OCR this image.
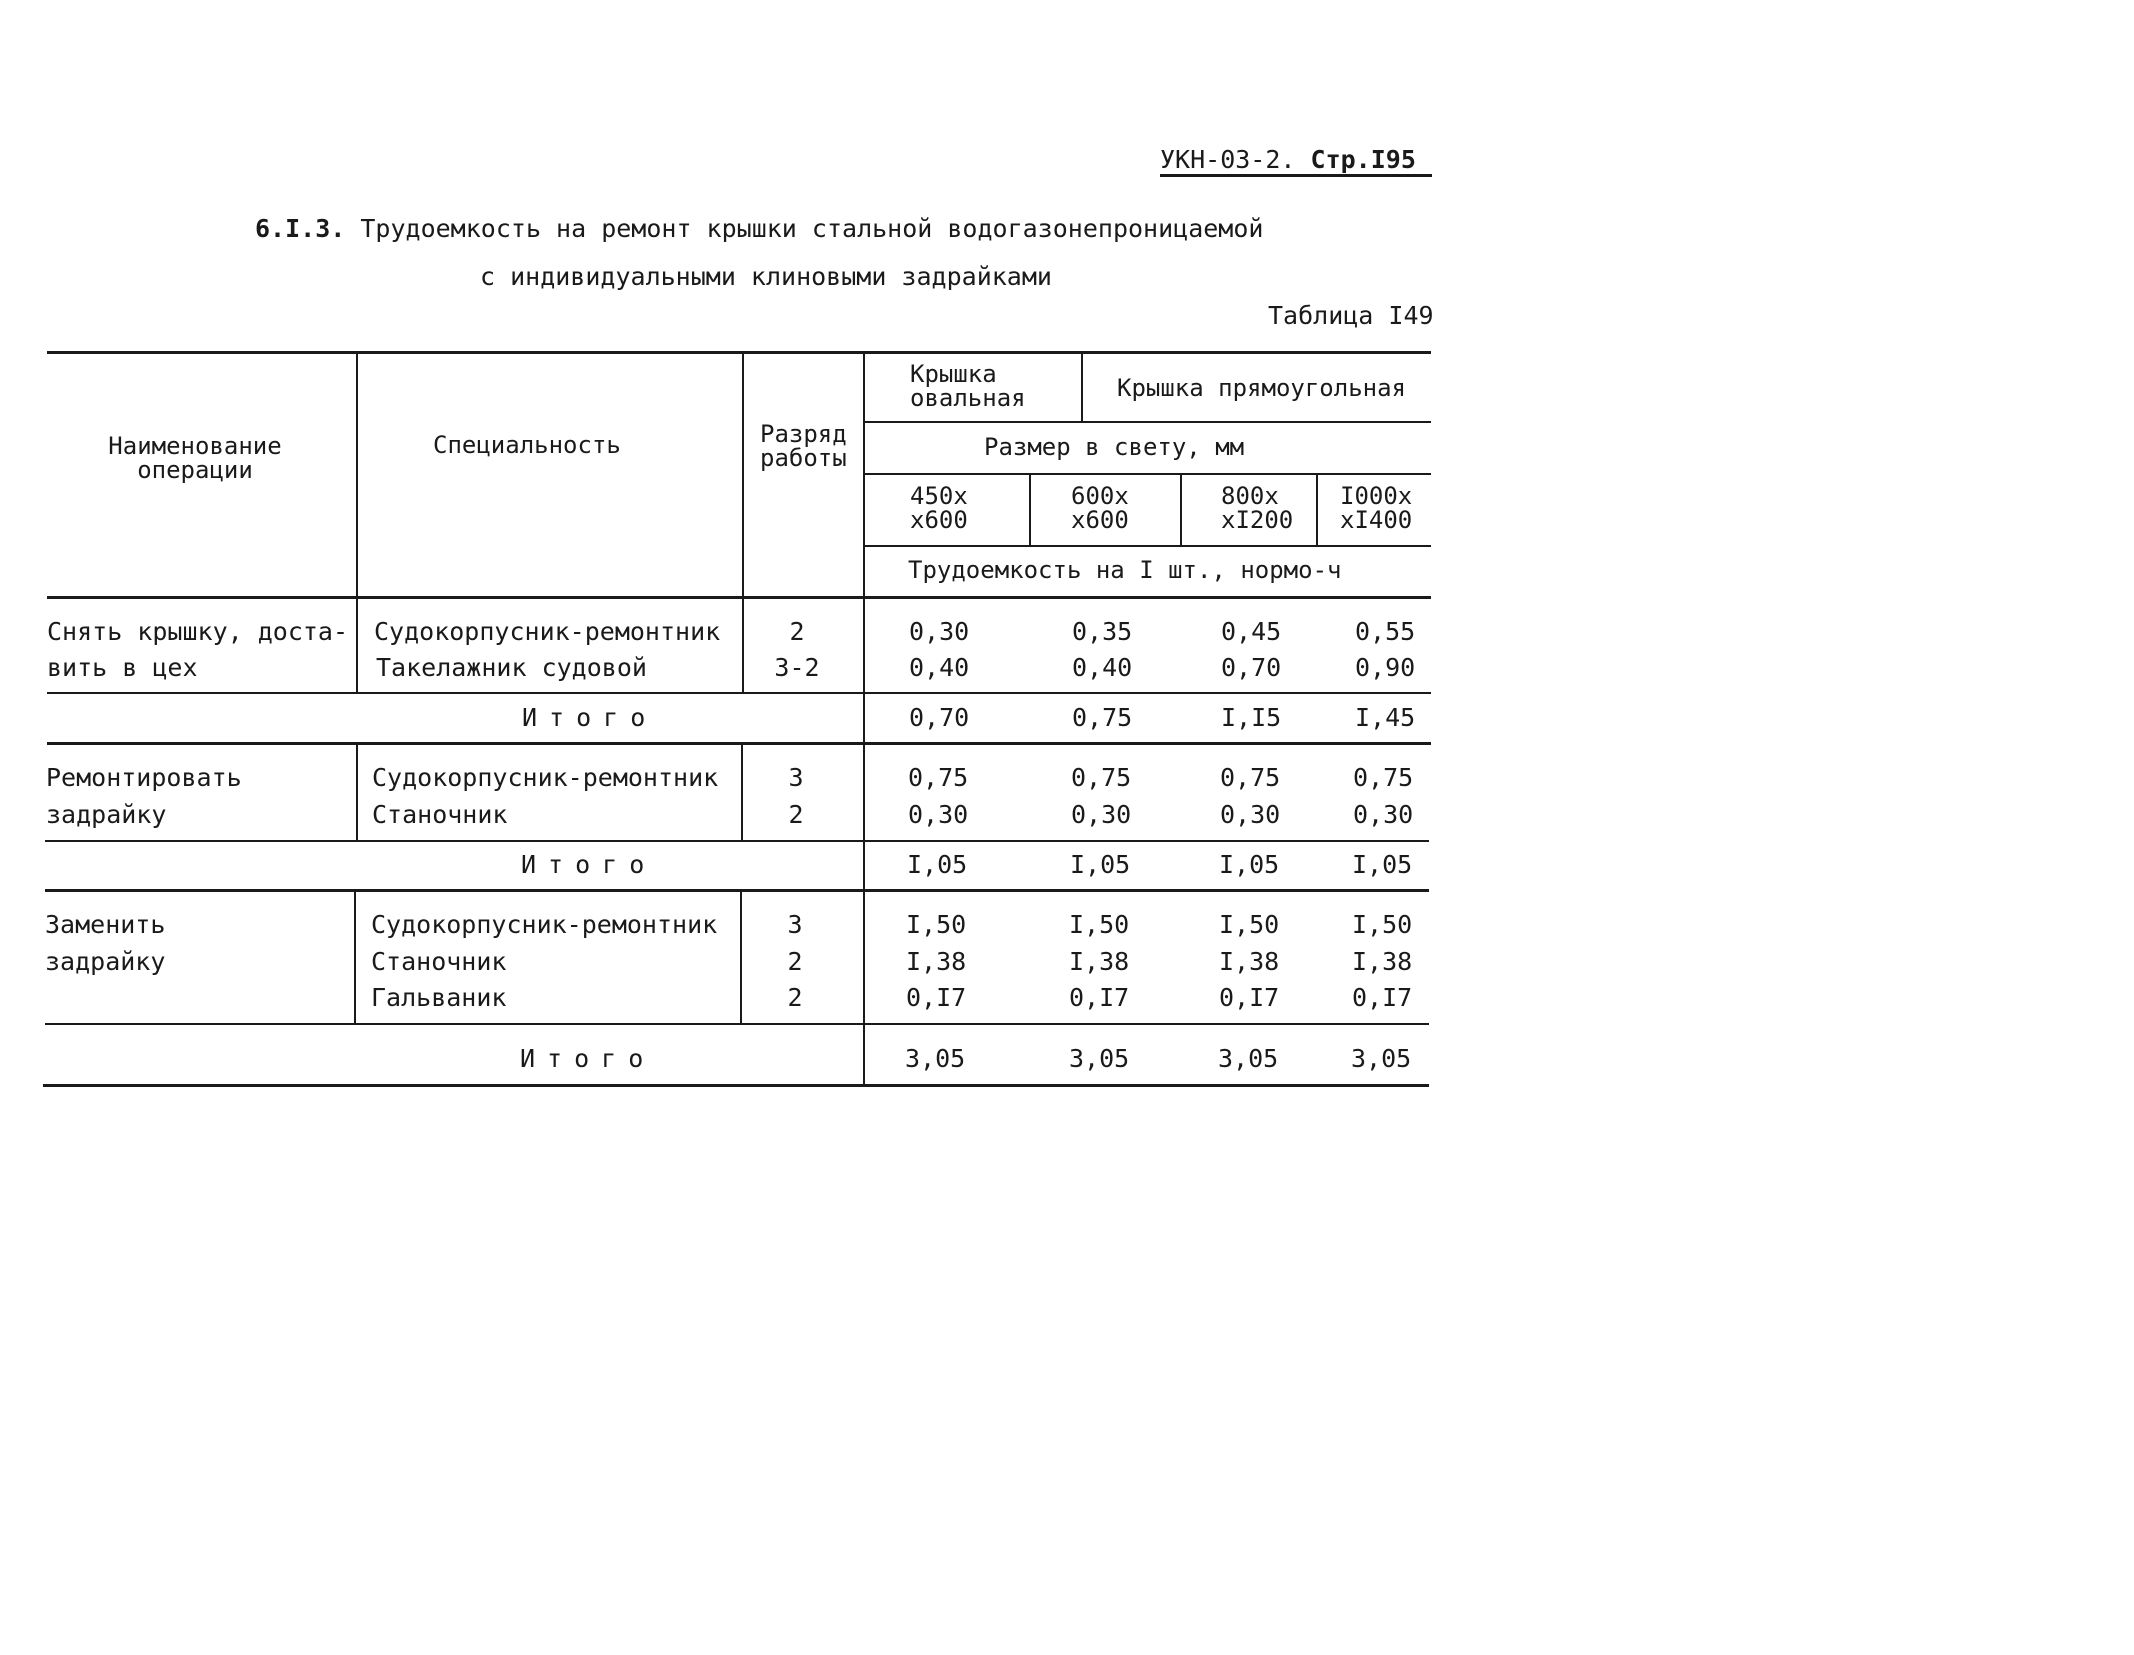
УКН-03-2. Стр.I95
6.I.3. Трудоемкость на ремонт крышки стальной водогазонепроницаемой
с индивидуальными клиновыми задрайками
Таблица I49
Наименование
операции
Специальность	Разряд
работы
Крышка
овальная	Крышка прямоугольная
Размер в свету, мм
450х
х600
600х
х600
800х
хI200
I000х
хI400
Трудоемкость на I шт., нормо-ч
Снять крышку, доста-
вить в цех
Судокорпусник-ремонтник	2	0,30	0,35	0,45	0,55
Такелажник судовой	3-2	0,40	0,40	0,70	0,90
Итого	0,70	0,75	I,I5	I,45
Ремонтировать
задрайку
Судокорпусник-ремонтник	3	0,75	0,75	0,75	0,75
Станочник	2	0,30	0,30	0,30	0,30
Итого	I,05	I,05	I,05	I,05
Заменить
задрайку
Судокорпусник-ремонтник	3	I,50	I,50	I,50	I,50
Станочник	2	I,38	I,38	I,38	I,38
Гальваник	2	0,I7	0,I7	0,I7	0,I7
Итого	3,05	3,05	3,05	3,05
